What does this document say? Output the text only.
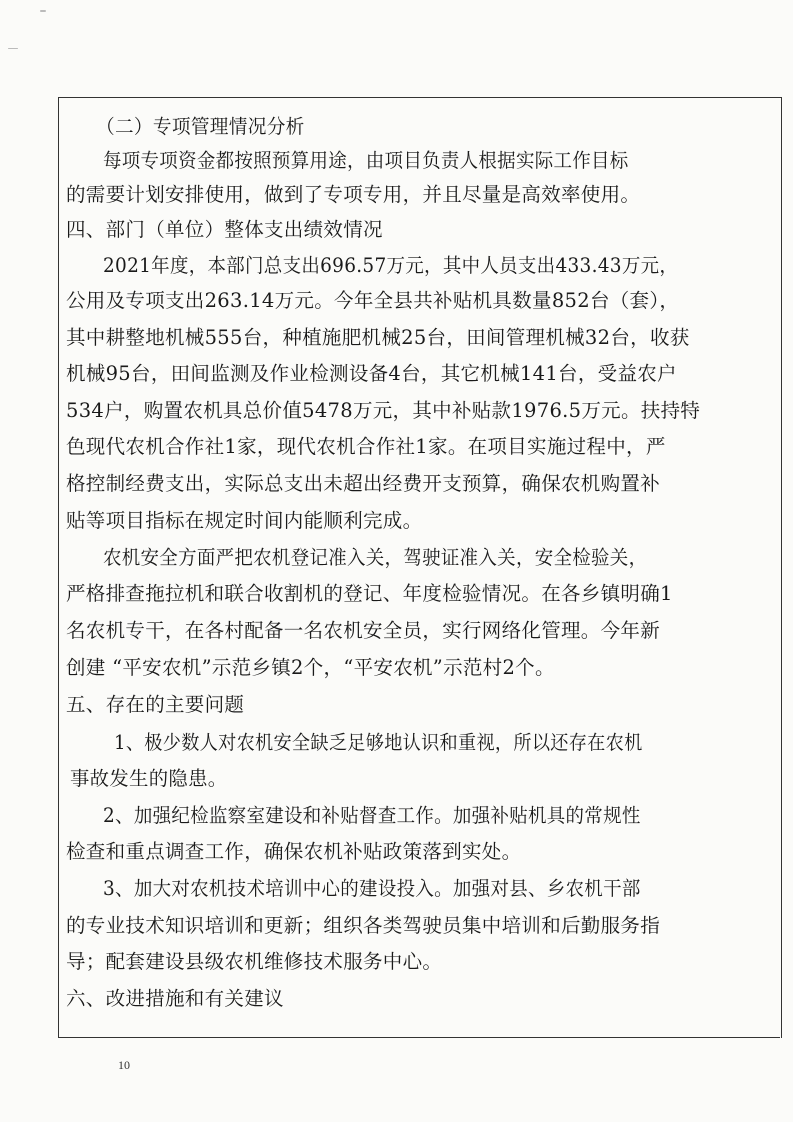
（二）专项管理情况分析
每项专项资金都按照预算用途，由项目负责人根据实际工作目标
的需要计划安排使用，做到了专项专用，并且尽量是高效率使用。
四、部门（单位）整体支出绩效情况
2021年度，本部门总支出696.57万元，其中人员支出433.43万元，
公用及专项支出263.14万元。今年全县共补贴机具数量852台（套），
其中耕整地机械555台，种植施肥机械25台，田间管理机械32台，收获
机械95台，田间监测及作业检测设备4台，其它机械141台，受益农户
534户，购置农机具总价值5478万元，其中补贴款1976.5万元。扶持特
色现代农机合作社1家，现代农机合作社1家。在项目实施过程中，严
格控制经费支出，实际总支出未超出经费开支预算，确保农机购置补
贴等项目指标在规定时间内能顺利完成。
农机安全方面严把农机登记准入关，驾驶证准入关，安全检验关，
严格排查拖拉机和联合收割机的登记、年度检验情况。在各乡镇明确1
名农机专干，在各村配备一名农机安全员，实行网络化管理。今年新
创建 “平安农机”示范乡镇2个，“平安农机”示范村2个。
五、存在的主要问题
1、极少数人对农机安全缺乏足够地认识和重视，所以还存在农机
事故发生的隐患。
2、加强纪检监察室建设和补贴督查工作。加强补贴机具的常规性
检查和重点调查工作，确保农机补贴政策落到实处。
3、加大对农机技术培训中心的建设投入。加强对县、乡农机干部
的专业技术知识培训和更新；组织各类驾驶员集中培训和后勤服务指
导；配套建设县级农机维修技术服务中心。
六、改进措施和有关建议
10
